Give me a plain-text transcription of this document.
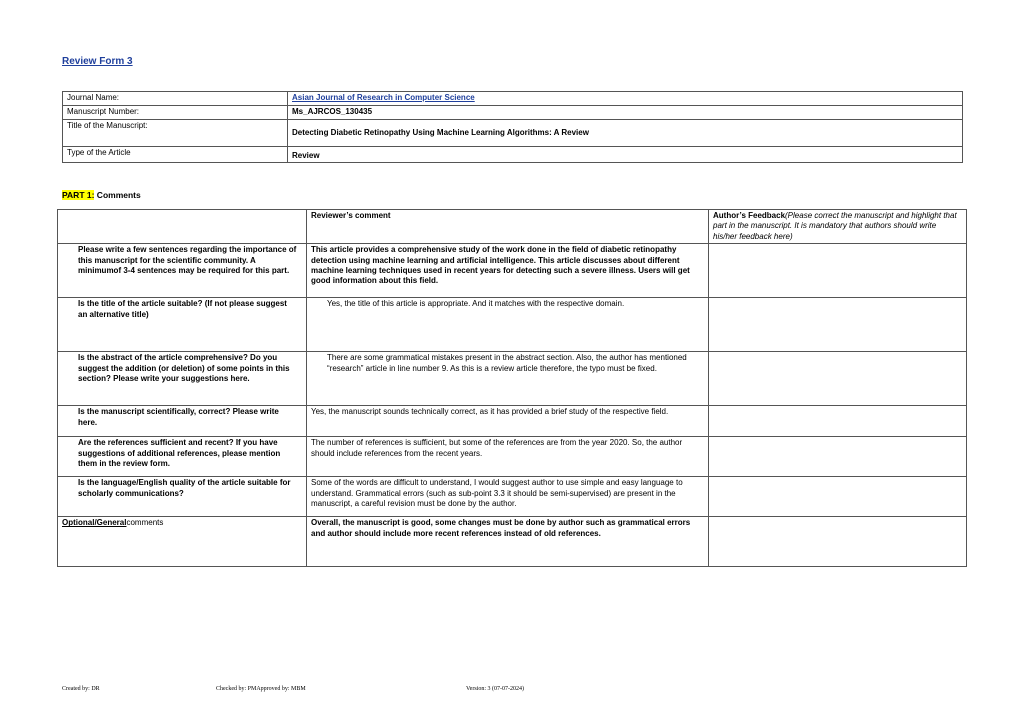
Review Form 3
Journal Name:	Asian Journal of Research in Computer Science
Manuscript Number:	Ms_AJRCOS_130435
Title of the Manuscript:	Detecting Diabetic Retinopathy Using Machine Learning Algorithms: A Review
Type of the Article	Review
PART 1: Comments
	Reviewer’s comment	Author’s Feedback(Please correct the manuscript and highlight that part in the manuscript. It is mandatory that authors should write his/her feedback here)
Please write a few sentences regarding the importance of this manuscript for the scientific community. A minimumof 3-4 sentences may be required for this part.	This article provides a comprehensive study of the work done in the field of diabetic retinopathy detection using machine learning and artificial intelligence. This article discusses about different machine learning techniques used in recent years for detecting such a severe illness. Users will get good information about this field.	
Is the title of the article suitable? (If not please suggest an alternative title)	Yes, the title of this article is appropriate. And it matches with the respective domain.	
Is the abstract of the article comprehensive? Do you suggest the addition (or deletion) of some points in this section? Please write your suggestions here.	There are some grammatical mistakes present in the abstract section. Also, the author has mentioned “research” article in line number 9. As this is a review article therefore, the typo must be fixed.	
Is the manuscript scientifically, correct? Please write here.	Yes, the manuscript sounds technically correct, as it has provided a brief study of the respective field.	
Are the references sufficient and recent? If you have suggestions of additional references, please mention them in the review form.	The number of references is sufficient, but some of the references are from the year 2020. So, the author should include references from the recent years.	
Is the language/English quality of the article suitable for scholarly communications?	Some of the words are difficult to understand, I would suggest author to use simple and easy language to understand. Grammatical errors (such as sub-point 3.3 it should be semi-supervised) are present in the manuscript, a careful revision must be done by the author.	
Optional/Generalcomments	Overall, the manuscript is good, some changes must be done by author such as grammatical errors and author should include more recent references instead of old references.	
Created by: DR	Checked by: PMApproved by: MBM	Version: 3 (07-07-2024)
